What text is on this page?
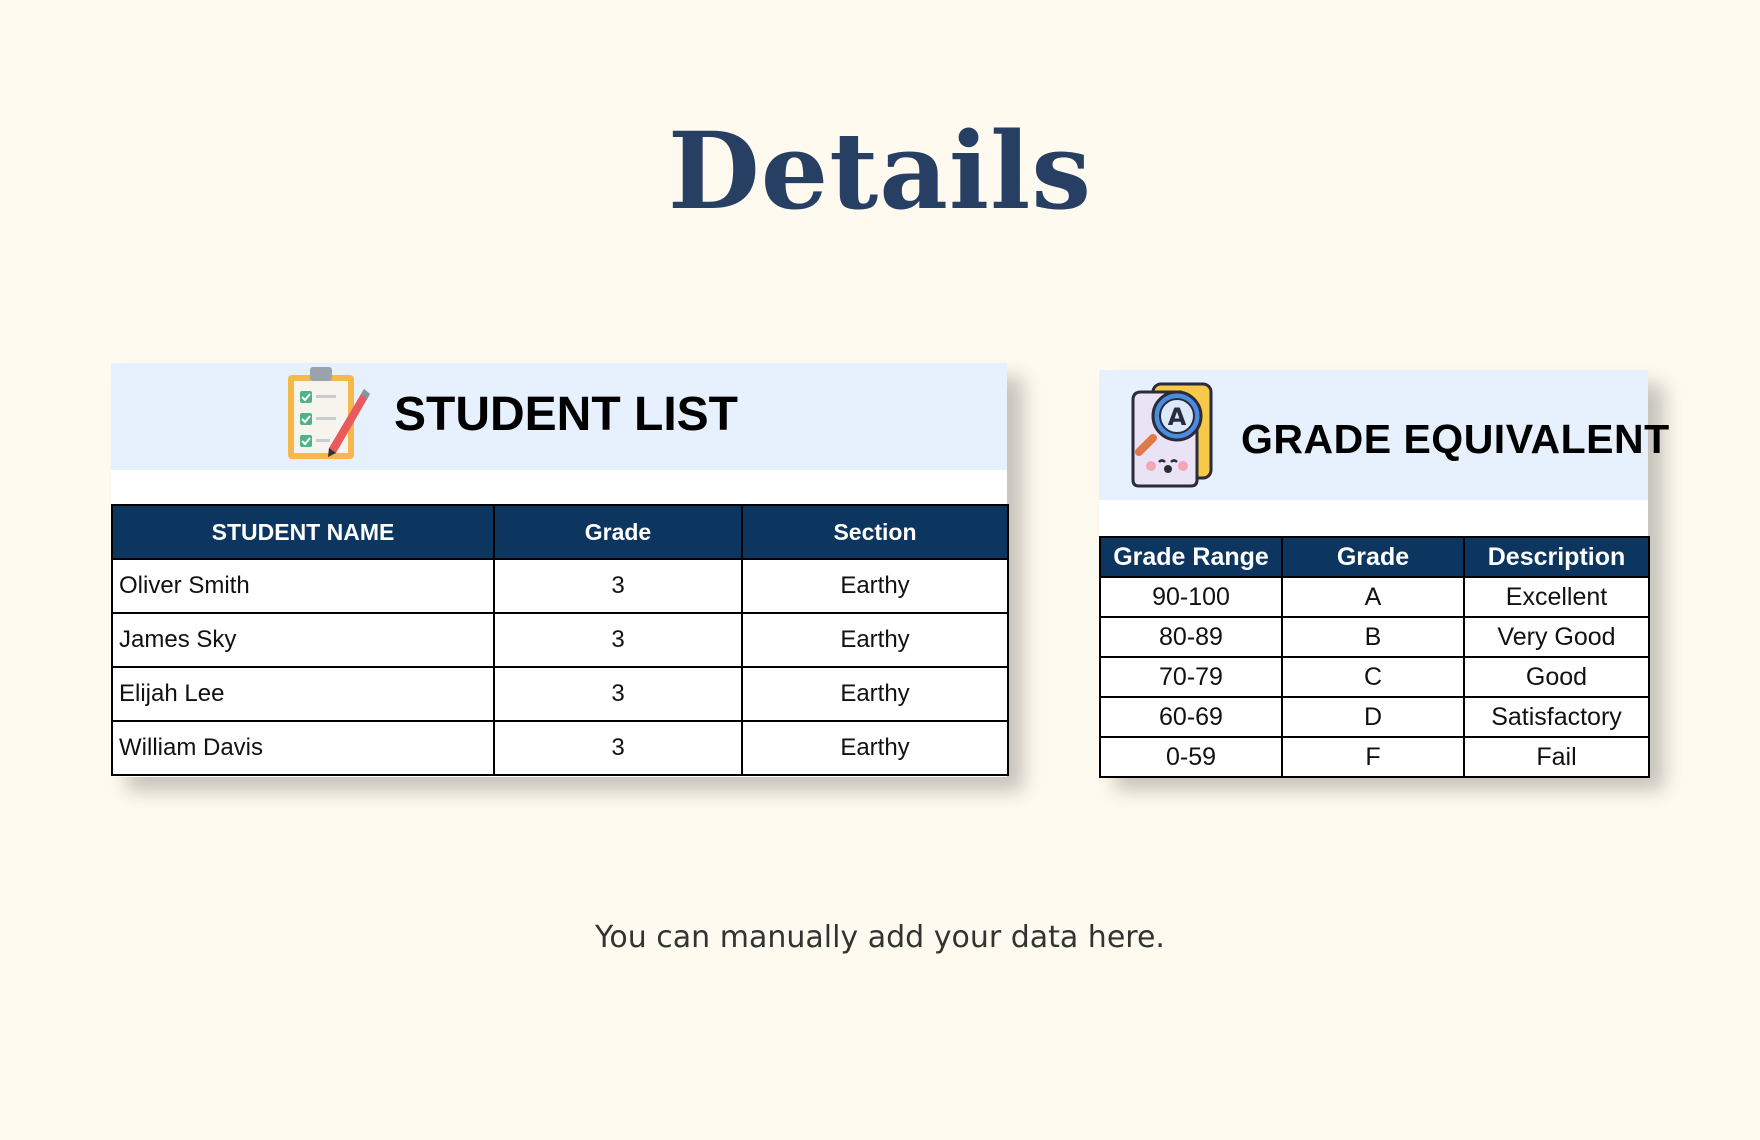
Details
STUDENT LIST
STUDENT NAME	Grade	Section
Oliver Smith	3	Earthy
James Sky	3	Earthy
Elijah Lee	3	Earthy
William Davis	3	Earthy
A GRADE EQUIVALENT
Grade Range	Grade	Description
90-100	A	Excellent
80-89	B	Very Good
70-79	C	Good
60-69	D	Satisfactory
0-59	F	Fail
You can manually add your data here.
